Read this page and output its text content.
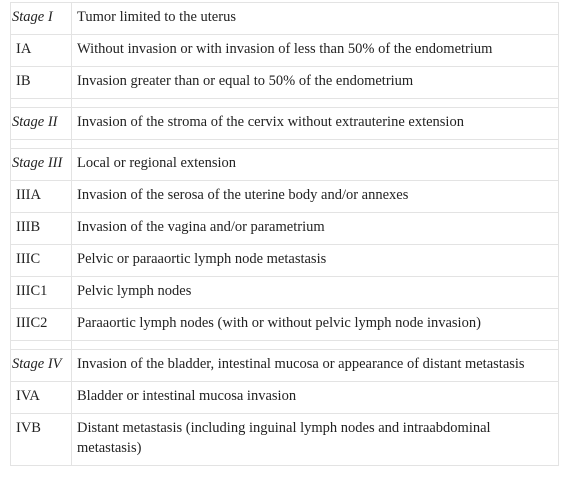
Stage I	Tumor limited to the uterus
IA	Without invasion or with invasion of less than 50% of the endometrium
IB	Invasion greater than or equal to 50% of the endometrium

Stage II	Invasion of the stroma of the cervix without extrauterine extension

Stage III	Local or regional extension
IIIA	Invasion of the serosa of the uterine body and/or annexes
IIIB	Invasion of the vagina and/or parametrium
IIIC	Pelvic or paraaortic lymph node metastasis
IIIC1	Pelvic lymph nodes
IIIC2	Paraaortic lymph nodes (with or without pelvic lymph node invasion)

Stage IV	Invasion of the bladder, intestinal mucosa or appearance of distant metastasis
IVA	Bladder or intestinal mucosa invasion
IVB	Distant metastasis (including inguinal lymph nodes and intraabdominal metastasis)
